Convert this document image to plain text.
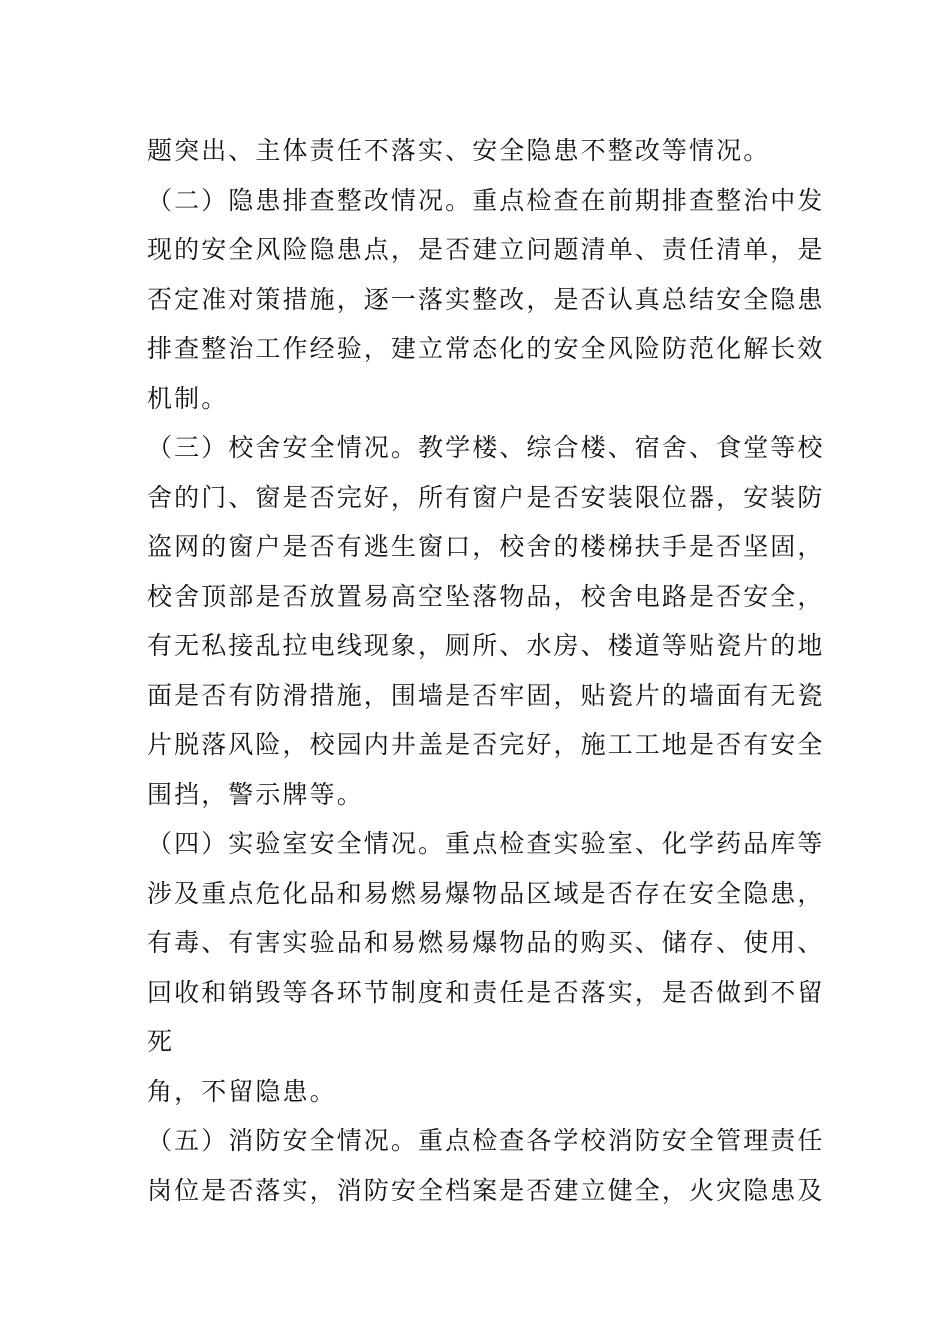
题突出、主体责任不落实、安全隐患不整改等情况。
（二）隐患排查整改情况。重点检查在前期排查整治中发
现的安全风险隐患点，是否建立问题清单、责任清单，是
否定准对策措施，逐一落实整改，是否认真总结安全隐患
排查整治工作经验，建立常态化的安全风险防范化解长效
机制。
（三）校舍安全情况。教学楼、综合楼、宿舍、食堂等校
舍的门、窗是否完好，所有窗户是否安装限位器，安装防
盗网的窗户是否有逃生窗口，校舍的楼梯扶手是否坚固，
校舍顶部是否放置易高空坠落物品，校舍电路是否安全，
有无私接乱拉电线现象，厕所、水房、楼道等贴瓷片的地
面是否有防滑措施，围墙是否牢固，贴瓷片的墙面有无瓷
片脱落风险，校园内井盖是否完好，施工工地是否有安全
围挡，警示牌等。
（四）实验室安全情况。重点检查实验室、化学药品库等
涉及重点危化品和易燃易爆物品区域是否存在安全隐患，
有毒、有害实验品和易燃易爆物品的购买、储存、使用、
回收和销毁等各环节制度和责任是否落实，是否做到不留
死
角，不留隐患。
（五）消防安全情况。重点检查各学校消防安全管理责任
岗位是否落实，消防安全档案是否建立健全，火灾隐患及
